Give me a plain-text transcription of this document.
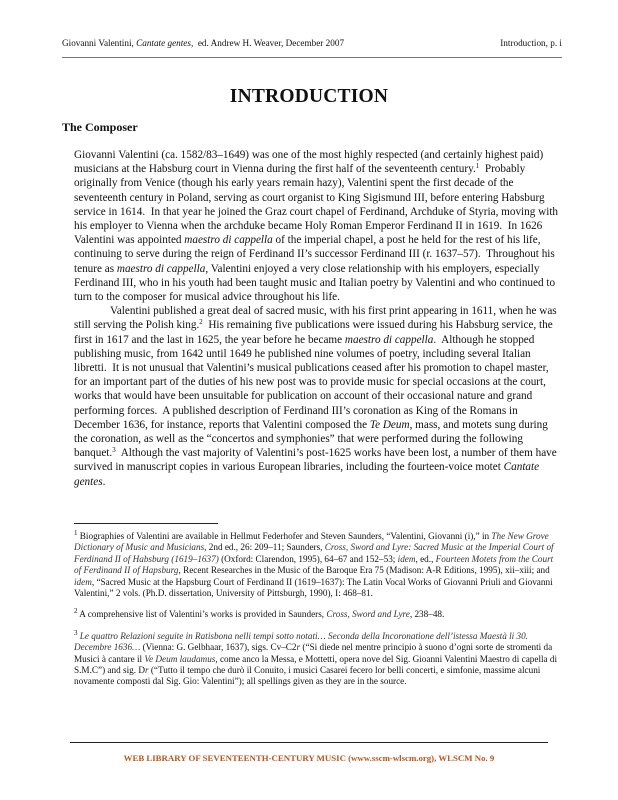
Giovanni Valentini, Cantate gentes,  ed. Andrew H. Weaver, December 2007	Introduction, p. i
INTRODUCTION
The Composer

Giovanni Valentini (ca. 1582/83–1649) was one of the most highly respected (and certainly highest paid) musicians at the Habsburg court in Vienna during the first half of the seventeenth century.$^1$  Probably originally from Venice (though his early years remain hazy), Valentini spent the first decade of the seventeenth century in Poland, serving as court organist to King Sigismund III, before entering Habsburg service in 1614.  In that year he joined the Graz court chapel of Ferdinand, Archduke of Styria, moving with his employer to Vienna when the archduke became Holy Roman Emperor Ferdinand II in 1619.  In 1626 Valentini was appointed maestro di cappella of the imperial chapel, a post he held for the rest of his life, continuing to serve during the reign of Ferdinand II’s successor Ferdinand III (r. 1637–57).  Throughout his tenure as maestro di cappella, Valentini enjoyed a very close relationship with his employers, especially Ferdinand III, who in his youth had been taught music and Italian poetry by Valentini and who continued to turn to the composer for musical advice throughout his life.

Valentini published a great deal of sacred music, with his first print appearing in 1611, when he was still serving the Polish king.$^2$  His remaining five publications were issued during his Habsburg service, the first in 1617 and the last in 1625, the year before he became maestro di cappella.  Although he stopped publishing music, from 1642 until 1649 he published nine volumes of poetry, including several Italian libretti.  It is not unusual that Valentini’s musical publications ceased after his promotion to chapel master, for an important part of the duties of his new post was to provide music for special occasions at the court, works that would have been unsuitable for publication on account of their occasional nature and grand performing forces.  A published description of Ferdinand III’s coronation as King of the Romans in December 1636, for instance, reports that Valentini composed the Te Deum, mass, and motets sung during the coronation, as well as the “concertos and symphonies” that were performed during the following banquet.$^3$  Although the vast majority of Valentini’s post-1625 works have been lost, a number of them have survived in manuscript copies in various European libraries, including the fourteen-voice motet Cantate gentes.

$^1$ Biographies of Valentini are available in Hellmut Federhofer and Steven Saunders, “Valentini, Giovanni (i),” in The New Grove Dictionary of Music and Musicians, 2nd ed., 26: 209–11; Saunders, Cross, Sword and Lyre: Sacred Music at the Imperial Court of Ferdinand II of Habsburg (1619–1637) (Oxford: Clarendon, 1995), 64–67 and 152–53; idem, ed., Fourteen Motets from the Court of Ferdinand II of Hapsburg, Recent Researches in the Music of the Baroque Era 75 (Madison: A-R Editions, 1995), xii–xiii; and idem, “Sacred Music at the Hapsburg Court of Ferdinand II (1619–1637): The Latin Vocal Works of Giovanni Priuli and Giovanni Valentini,” 2 vols. (Ph.D. dissertation, University of Pittsburgh, 1990), I: 468–81.

$^2$ A comprehensive list of Valentini’s works is provided in Saunders, Cross, Sword and Lyre, 238–48.

$^3$ Le quattro Relazioni seguite in Ratisbona nelli tempi sotto notati… Seconda della Incoronatione dell’istessa Maestà li 30. Decembre 1636… (Vienna: G. Gelbhaar, 1637), sigs. Cv–C2r (“Si diede nel mentre principio à suono d’ogni sorte de stromenti da Musici à cantare il Ve Deum laudamus, come anco la Messa, e Mottetti, opera nove del Sig. Gioanni Valentini Maestro di capella di S.M.C”) and sig. Dr (“Tutto il tempo che durò il Conuito, i musici Casarei fecero lor belli concerti, e simfonie, massime alcuni novamente composti dal Sig. Gio: Valentini”); all spellings given as they are in the source.

WEB LIBRARY OF SEVENTEENTH-CENTURY MUSIC (www.sscm-wlscm.org), WLSCM No. 9
